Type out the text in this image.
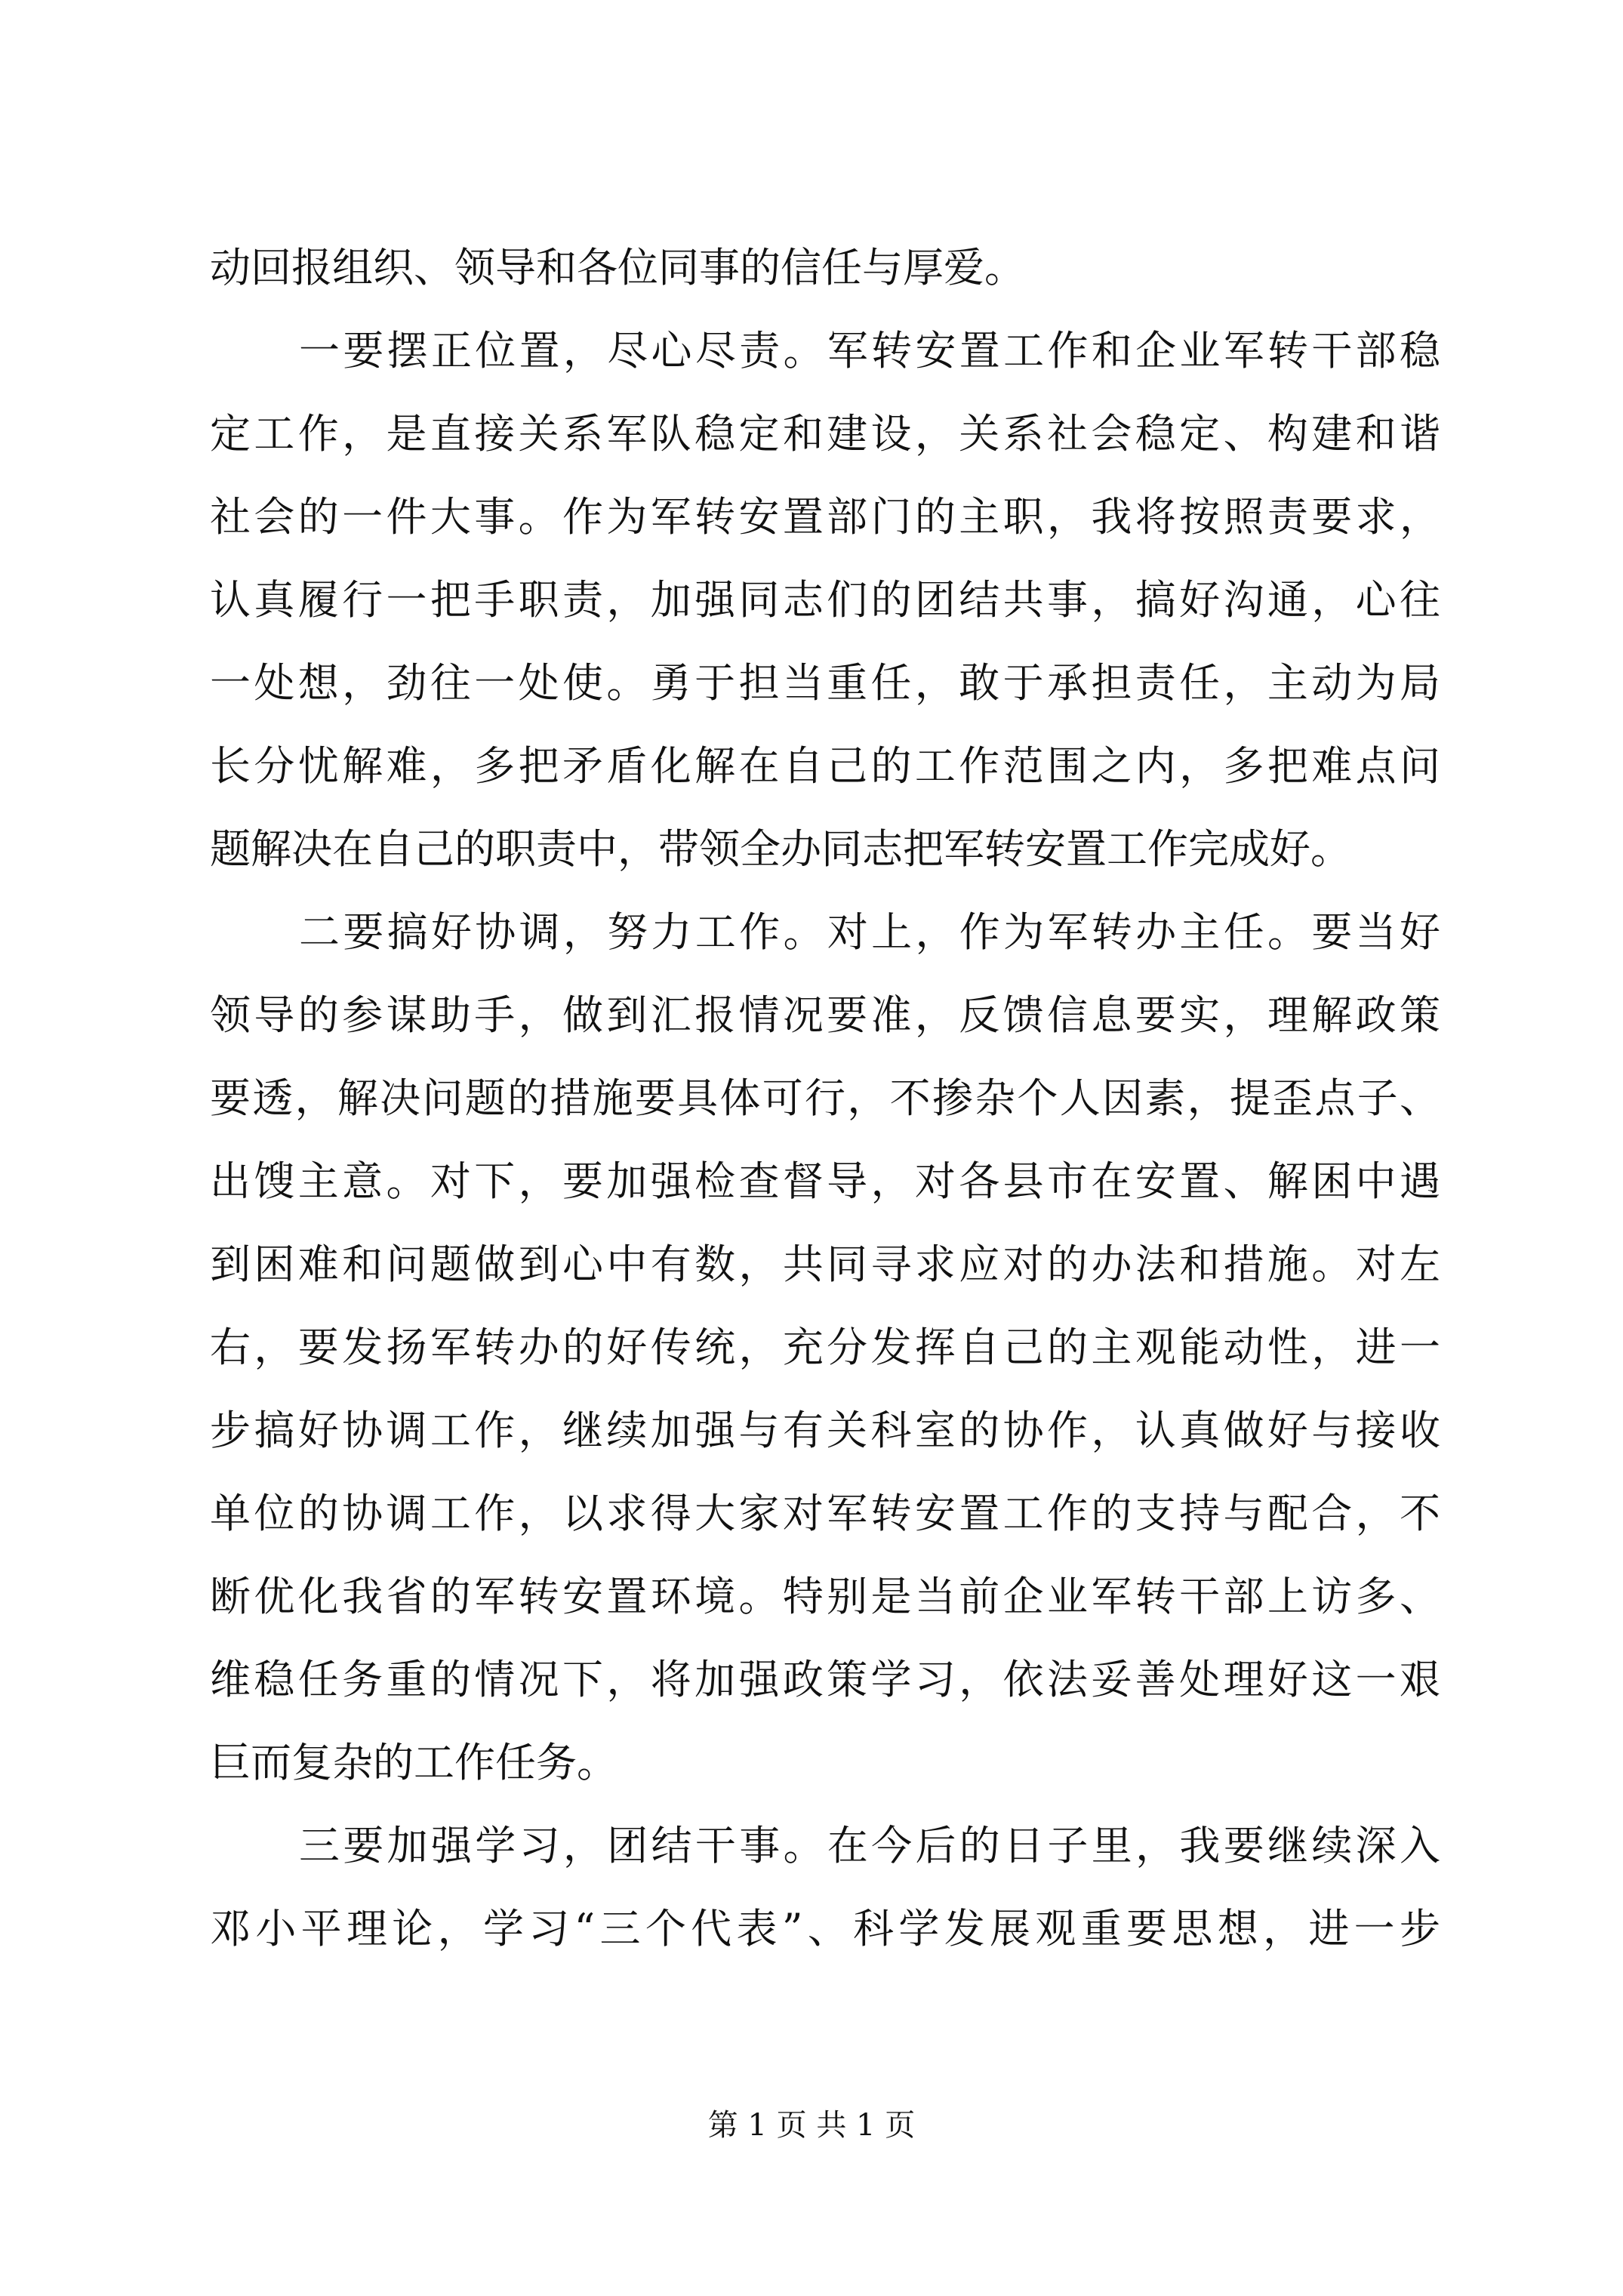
动回报组织、领导和各位同事的信任与厚爱。
一要摆正位置，尽心尽责。军转安置工作和企业军转干部稳
定工作，是直接关系军队稳定和建设，关系社会稳定、构建和谐
社会的一件大事。作为军转安置部门的主职，我将按照责要求，
认真履行一把手职责，加强同志们的团结共事，搞好沟通，心往
一处想，劲往一处使。勇于担当重任，敢于承担责任，主动为局
长分忧解难，多把矛盾化解在自己的工作范围之内，多把难点问
题解决在自己的职责中，带领全办同志把军转安置工作完成好。
二要搞好协调，努力工作。对上，作为军转办主任。要当好
领导的参谋助手，做到汇报情况要准，反馈信息要实，理解政策
要透，解决问题的措施要具体可行，不掺杂个人因素，提歪点子、
出馊主意。对下，要加强检查督导，对各县市在安置、解困中遇
到困难和问题做到心中有数，共同寻求应对的办法和措施。对左
右，要发扬军转办的好传统，充分发挥自己的主观能动性，进一
步搞好协调工作，继续加强与有关科室的协作，认真做好与接收
单位的协调工作，以求得大家对军转安置工作的支持与配合，不
断优化我省的军转安置环境。特别是当前企业军转干部上访多、
维稳任务重的情况下，将加强政策学习，依法妥善处理好这一艰
巨而复杂的工作任务。
三要加强学习，团结干事。在今后的日子里，我要继续深入
邓小平理论，学习“三个代表”、科学发展观重要思想，进一步
第 1 页 共 1 页
